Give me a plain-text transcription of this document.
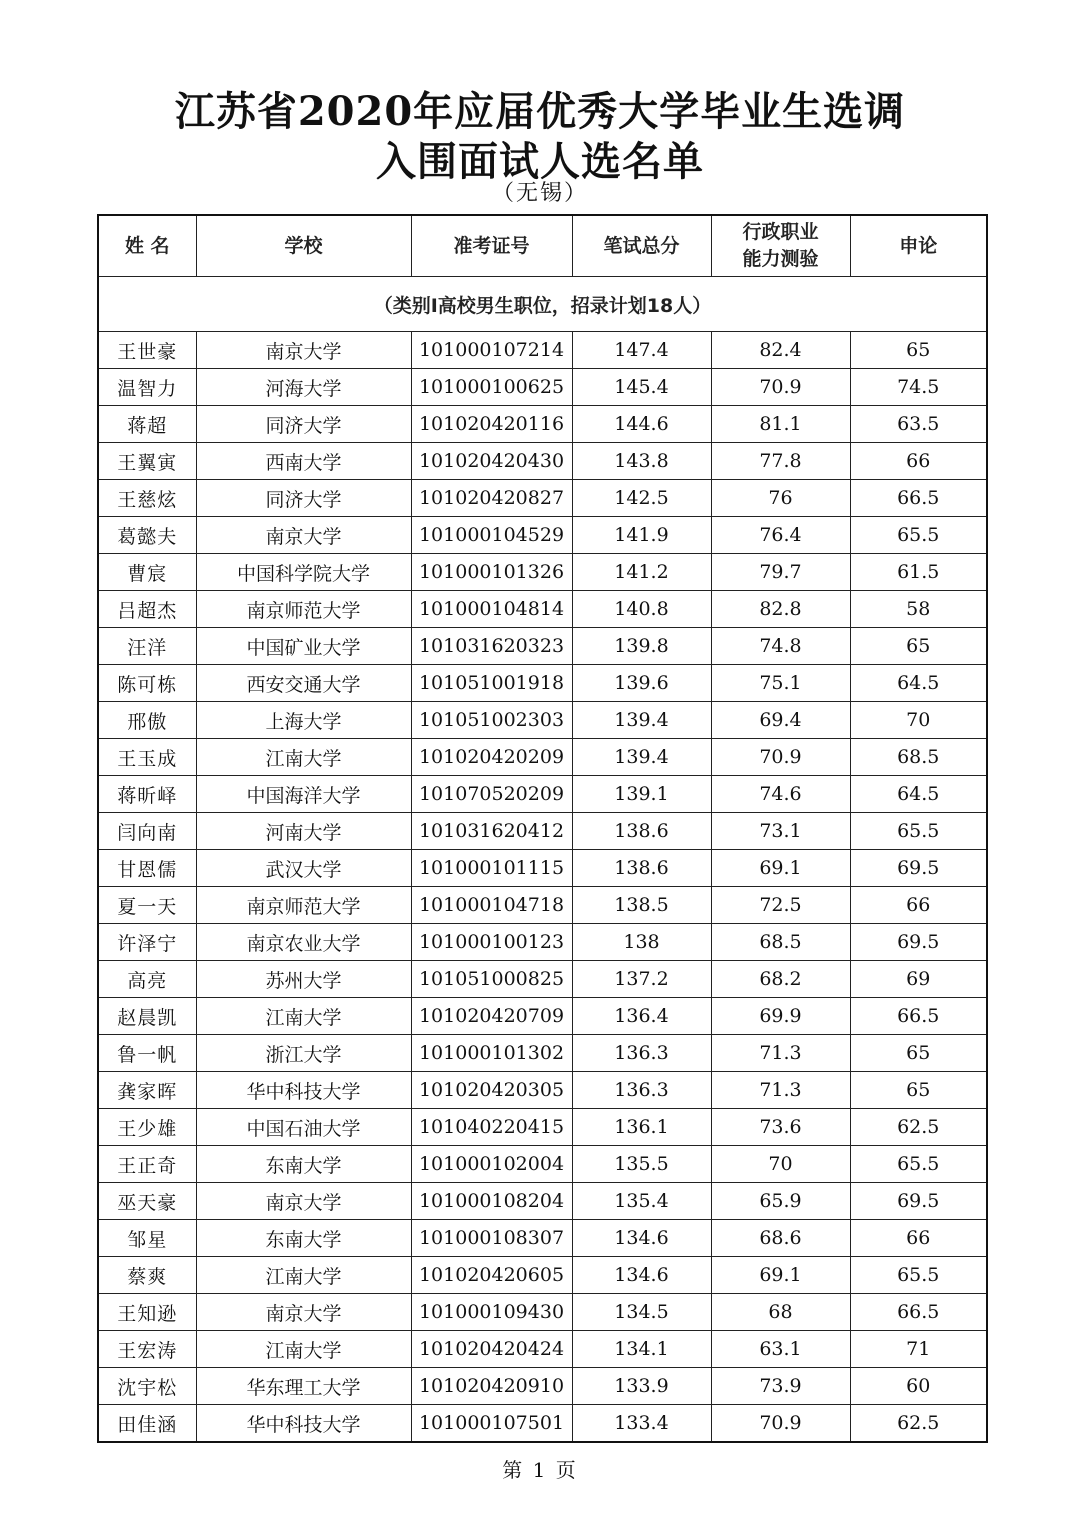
江苏省2020年应届优秀大学毕业生选调
入围面试人选名单
（无锡）
姓 名	学校	准考证号	笔试总分	行政职业
能力测验	申论
（类别Ⅰ高校男生职位，招录计划18人）					
王世豪	南京大学	101000107214	147.4	82.4	65
温智力	河海大学	101000100625	145.4	70.9	74.5
蒋超	同济大学	101020420116	144.6	81.1	63.5
王翼寅	西南大学	101020420430	143.8	77.8	66
王慈炫	同济大学	101020420827	142.5	76	66.5
葛懿夫	南京大学	101000104529	141.9	76.4	65.5
曹宸	中国科学院大学	101000101326	141.2	79.7	61.5
吕超杰	南京师范大学	101000104814	140.8	82.8	58
汪洋	中国矿业大学	101031620323	139.8	74.8	65
陈可栋	西安交通大学	101051001918	139.6	75.1	64.5
邢傲	上海大学	101051002303	139.4	69.4	70
王玉成	江南大学	101020420209	139.4	70.9	68.5
蒋昕峄	中国海洋大学	101070520209	139.1	74.6	64.5
闫向南	河南大学	101031620412	138.6	73.1	65.5
甘恩儒	武汉大学	101000101115	138.6	69.1	69.5
夏一天	南京师范大学	101000104718	138.5	72.5	66
许泽宁	南京农业大学	101000100123	138	68.5	69.5
高亮	苏州大学	101051000825	137.2	68.2	69
赵晨凯	江南大学	101020420709	136.4	69.9	66.5
鲁一帆	浙江大学	101000101302	136.3	71.3	65
龚家晖	华中科技大学	101020420305	136.3	71.3	65
王少雄	中国石油大学	101040220415	136.1	73.6	62.5
王正奇	东南大学	101000102004	135.5	70	65.5
巫天豪	南京大学	101000108204	135.4	65.9	69.5
邹星	东南大学	101000108307	134.6	68.6	66
蔡爽	江南大学	101020420605	134.6	69.1	65.5
王知逊	南京大学	101000109430	134.5	68	66.5
王宏涛	江南大学	101020420424	134.1	63.1	71
沈宇松	华东理工大学	101020420910	133.9	73.9	60
田佳涵	华中科技大学	101000107501	133.4	70.9	62.5
第 1 页
